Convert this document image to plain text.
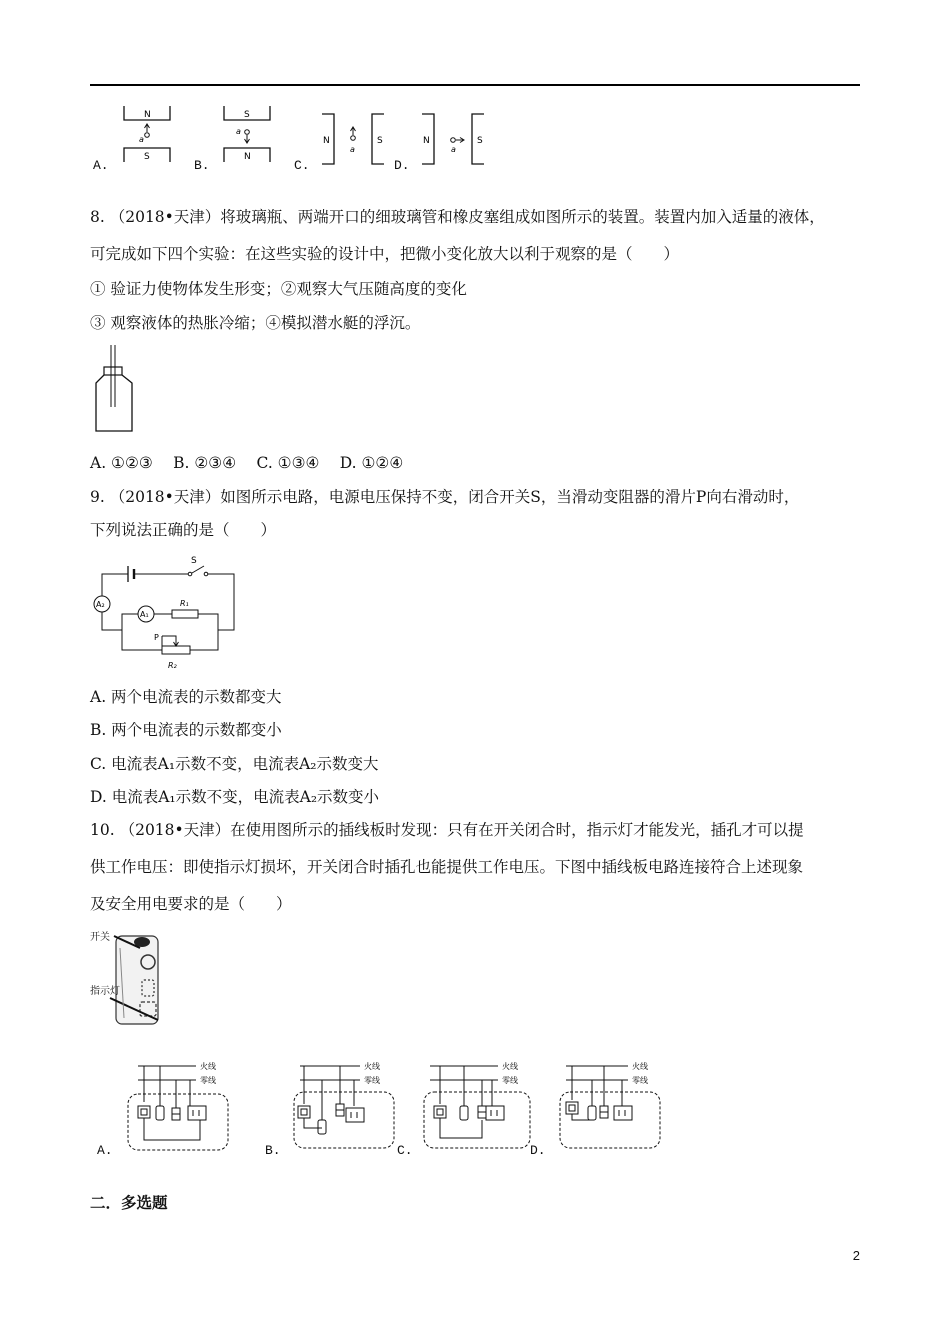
N
S
a
S
N
a
N	S
a
N	S
a
A.	B.	C.	D.
8. （2018•天津）将玻璃瓶、两端开口的细玻璃管和橡皮塞组成如图所示的装置。装置内加入适量的液体，
可完成如下四个实验：在这些实验的设计中，把微小变化放大以利于观察的是（　　）
① 验证力使物体发生形变；②观察大气压随高度的变化
③ 观察液体的热胀冷缩；④模拟潜水艇的浮沉。
A. ①②③　 B. ②③④　 C. ①③④　 D. ①②④
9. （2018•天津）如图所示电路，电源电压保持不变，闭合开关S，当滑动变阻器的滑片P向右滑动时，
下列说法正确的是（　　）
S
A₂
A₁
R₁
P
R₂
A. 两个电流表的示数都变大
B. 两个电流表的示数都变小
C. 电流表A₁示数不变，电流表A₂示数变大
D. 电流表A₁示数不变，电流表A₂示数变小
10. （2018•天津）在使用图所示的插线板时发现：只有在开关闭合时，指示灯才能发光，插孔才可以提
供工作电压：即使指示灯损坏，开关闭合时插孔也能提供工作电压。下图中插线板电路连接符合上述现象
及安全用电要求的是（　　）
开关
指示灯
火线
零线
火线
零线
火线
零线
火线
零线
A.	B.	C.	D.
二．多选题
2
